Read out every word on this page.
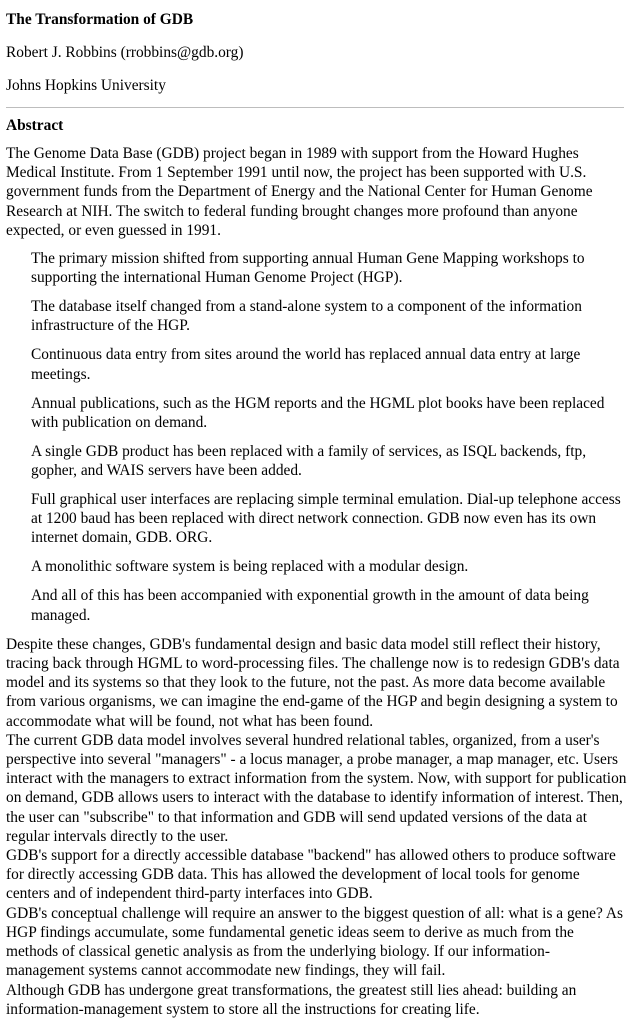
The Transformation of GDB
Robert J. Robbins (rrobbins@gdb.org)
Johns Hopkins University
Abstract
The Genome Data Base (GDB) project began in 1989 with support from the Howard Hughes Medical Institute. From 1 September 1991 until now, the project has been supported with U.S. government funds from the Department of Energy and the National Center for Human Genome Research at NIH. The switch to federal funding brought changes more profound than anyone expected, or even guessed in 1991.
The primary mission shifted from supporting annual Human Gene Mapping workshops to supporting the international Human Genome Project (HGP).
The database itself changed from a stand-alone system to a component of the information infrastructure of the HGP.
Continuous data entry from sites around the world has replaced annual data entry at large meetings.
Annual publications, such as the HGM reports and the HGML plot books have been replaced with publication on demand.
A single GDB product has been replaced with a family of services, as ISQL backends, ftp, gopher, and WAIS servers have been added.
Full graphical user interfaces are replacing simple terminal emulation. Dial-up telephone access at 1200 baud has been replaced with direct network connection. GDB now even has its own internet domain, GDB. ORG.
A monolithic software system is being replaced with a modular design.
And all of this has been accompanied with exponential growth in the amount of data being managed.
Despite these changes, GDB's fundamental design and basic data model still reflect their history, tracing back through HGML to word-processing files. The challenge now is to redesign GDB's data model and its systems so that they look to the future, not the past. As more data become available from various organisms, we can imagine the end-game of the HGP and begin designing a system to accommodate what will be found, not what has been found.
The current GDB data model involves several hundred relational tables, organized, from a user's perspective into several "managers" - a locus manager, a probe manager, a map manager, etc. Users interact with the managers to extract information from the system. Now, with support for publication on demand, GDB allows users to interact with the database to identify information of interest. Then, the user can "subscribe" to that information and GDB will send updated versions of the data at regular intervals directly to the user.
GDB's support for a directly accessible database "backend" has allowed others to produce software for directly accessing GDB data. This has allowed the development of local tools for genome centers and of independent third-party interfaces into GDB.
GDB's conceptual challenge will require an answer to the biggest question of all: what is a gene? As HGP findings accumulate, some fundamental genetic ideas seem to derive as much from the methods of classical genetic analysis as from the underlying biology. If our information-management systems cannot accommodate new findings, they will fail.
Although GDB has undergone great transformations, the greatest still lies ahead: building an information-management system to store all the instructions for creating life.
